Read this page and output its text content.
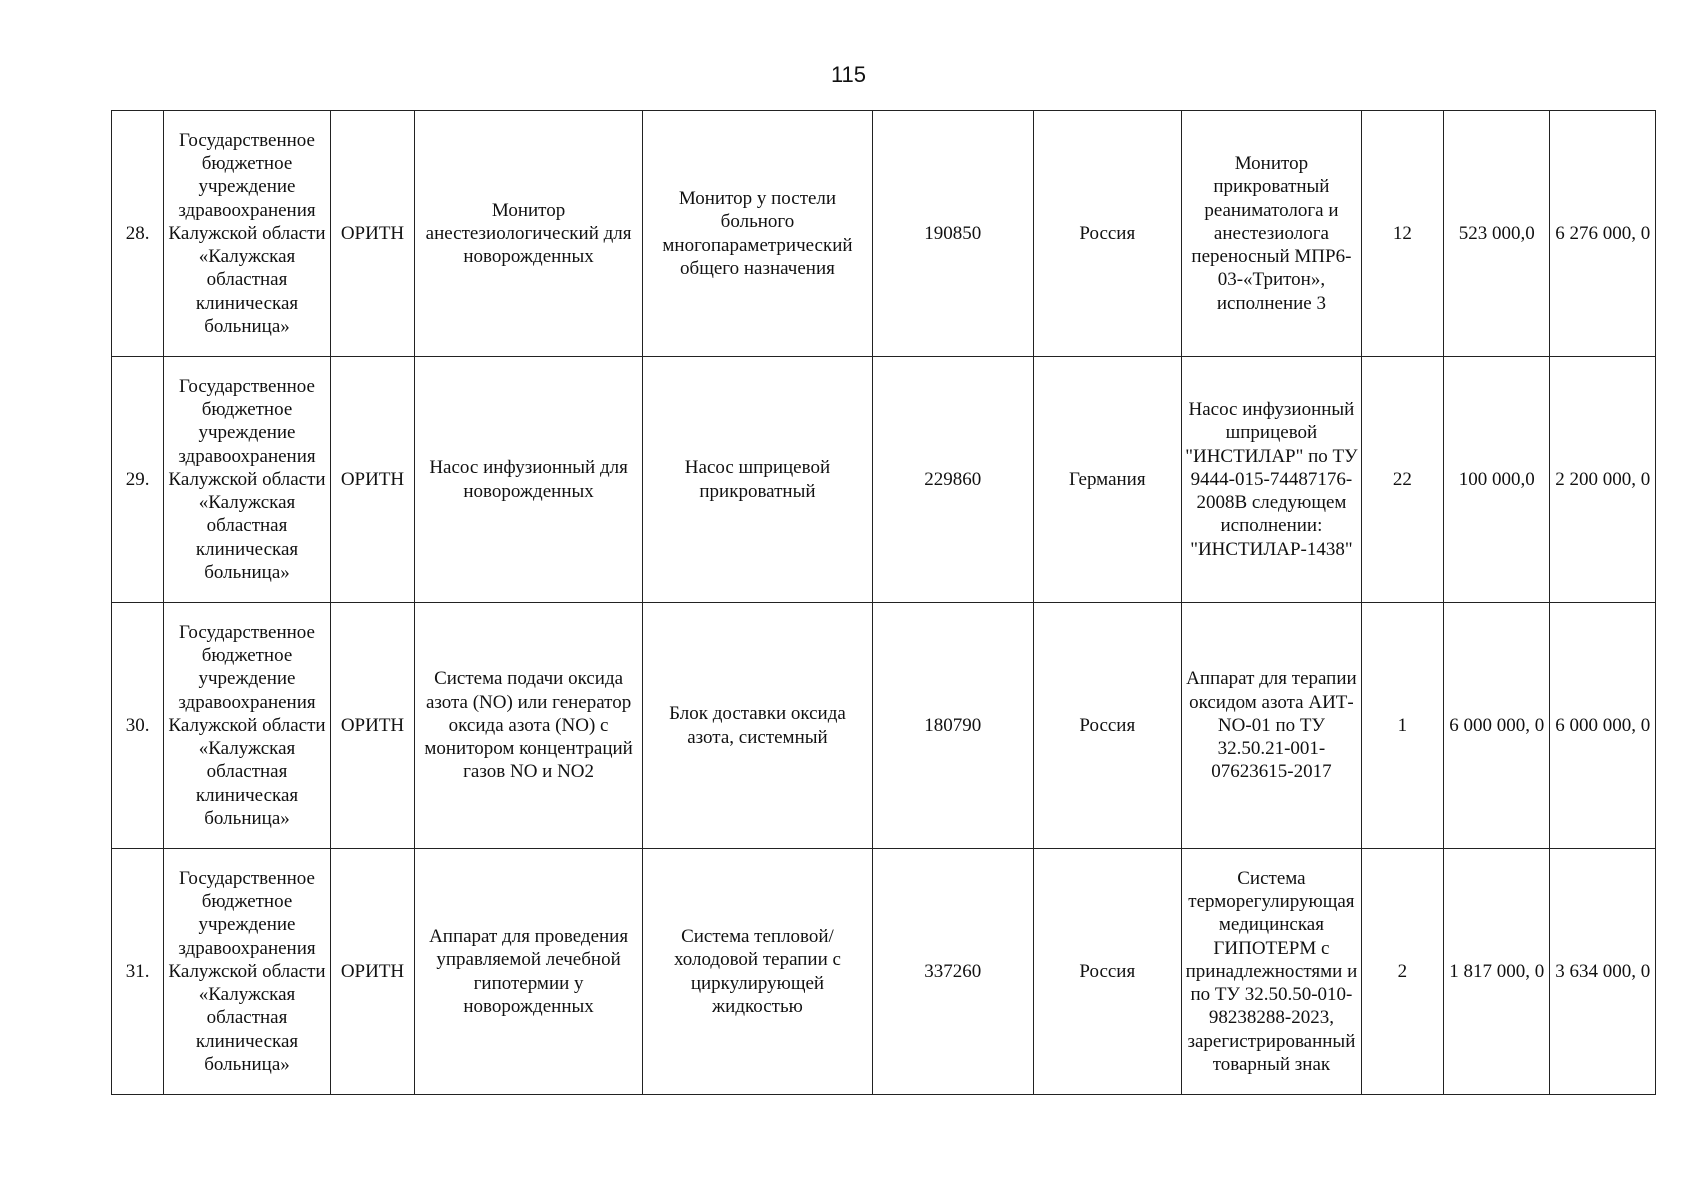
115
28.	Государственное бюджетное учреждение здравоохранения Калужской области «Калужская областная клиническая больница»	ОРИТН	Монитор анестезиологический для новорожденных	Монитор у постели больного многопараметрический общего назначения	190850	Россия	Монитор прикроватный реаниматолога и анестезиолога переносный МПР6-03-«Тритон», исполнение 3	12	523 000,0	6 276 000, 0
29.	Государственное бюджетное учреждение здравоохранения Калужской области «Калужская областная клиническая больница»	ОРИТН	Насос инфузионный для новорожденных	Насос шприцевой прикроватный	229860	Германия	Насос инфузионный шприцевой "ИНСТИЛАР" по ТУ 9444-015-74487176-2008В следующем исполнении: "ИНСТИЛАР-1438"	22	100 000,0	2 200 000, 0
30.	Государственное бюджетное учреждение здравоохранения Калужской области «Калужская областная клиническая больница»	ОРИТН	Система подачи оксида азота (NO) или генератор оксида азота (NO) с монитором концентраций газов NO и NO2	Блок доставки оксида азота, системный	180790	Россия	Аппарат для терапии оксидом азота АИТ-NO-01 по ТУ 32.50.21-001-07623615-2017	1	6 000 000, 0	6 000 000, 0
31.	Государственное бюджетное учреждение здравоохранения Калужской области «Калужская областная клиническая больница»	ОРИТН	Аппарат для проведения управляемой лечебной гипотермии у новорожденных	Система тепловой/холодовой терапии с циркулирующей жидкостью	337260	Россия	Система терморегулирующая медицинская ГИПОТЕРМ с принадлежностями и по ТУ 32.50.50-010-98238288-2023, зарегистрированный товарный знак	2	1 817 000, 0	3 634 000, 0
